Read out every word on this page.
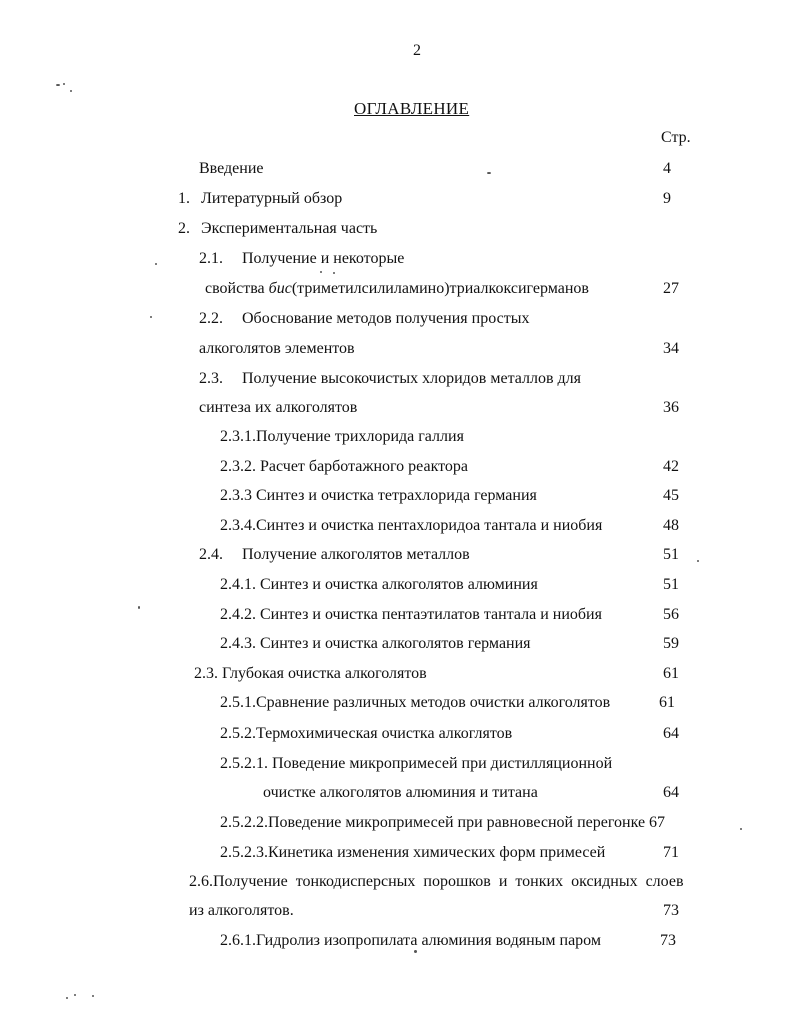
2
ОГЛАВЛЕНИЕ
Стр.
Введение	4
1. Литературный обзор	9
2. Экспериментальная часть
2.1. Получение и некоторые
свойства бис(триметилсилиламино)триалкоксигерманов	27
2.2. Обоснование методов получения простых
алкоголятов элементов	34
2.3. Получение высокочистых хлоридов металлов для
синтеза их алкоголятов	36
2.3.1.Получение трихлорида галлия
2.3.2. Расчет барботажного реактора	42
2.3.3 Синтез и очистка тетрахлорида германия	45
2.3.4.Синтез и очистка пентахлоридоа тантала и ниобия	48
2.4. Получение алкоголятов металлов	51
2.4.1. Синтез и очистка алкоголятов алюминия	51
2.4.2. Синтез и очистка пентаэтилатов тантала и ниобия	56
2.4.3. Синтез и очистка алкоголятов германия	59
2.3. Глубокая очистка алкоголятов	61
2.5.1.Сравнение различных методов очистки алкоголятов	61
2.5.2.Термохимическая очистка алкоглятов	64
2.5.2.1. Поведение микропримесей при дистилляционной
очистке алкоголятов алюминия и титана	64
2.5.2.2.Поведение микропримесей при равновесной перегонке 67
2.5.2.3.Кинетика изменения химических форм примесей	71
2.6.Получение тонкодисперсных порошков и тонких оксидных слоев
из алкоголятов.	73
2.6.1.Гидролиз изопропилата алюминия водяным паром	73
